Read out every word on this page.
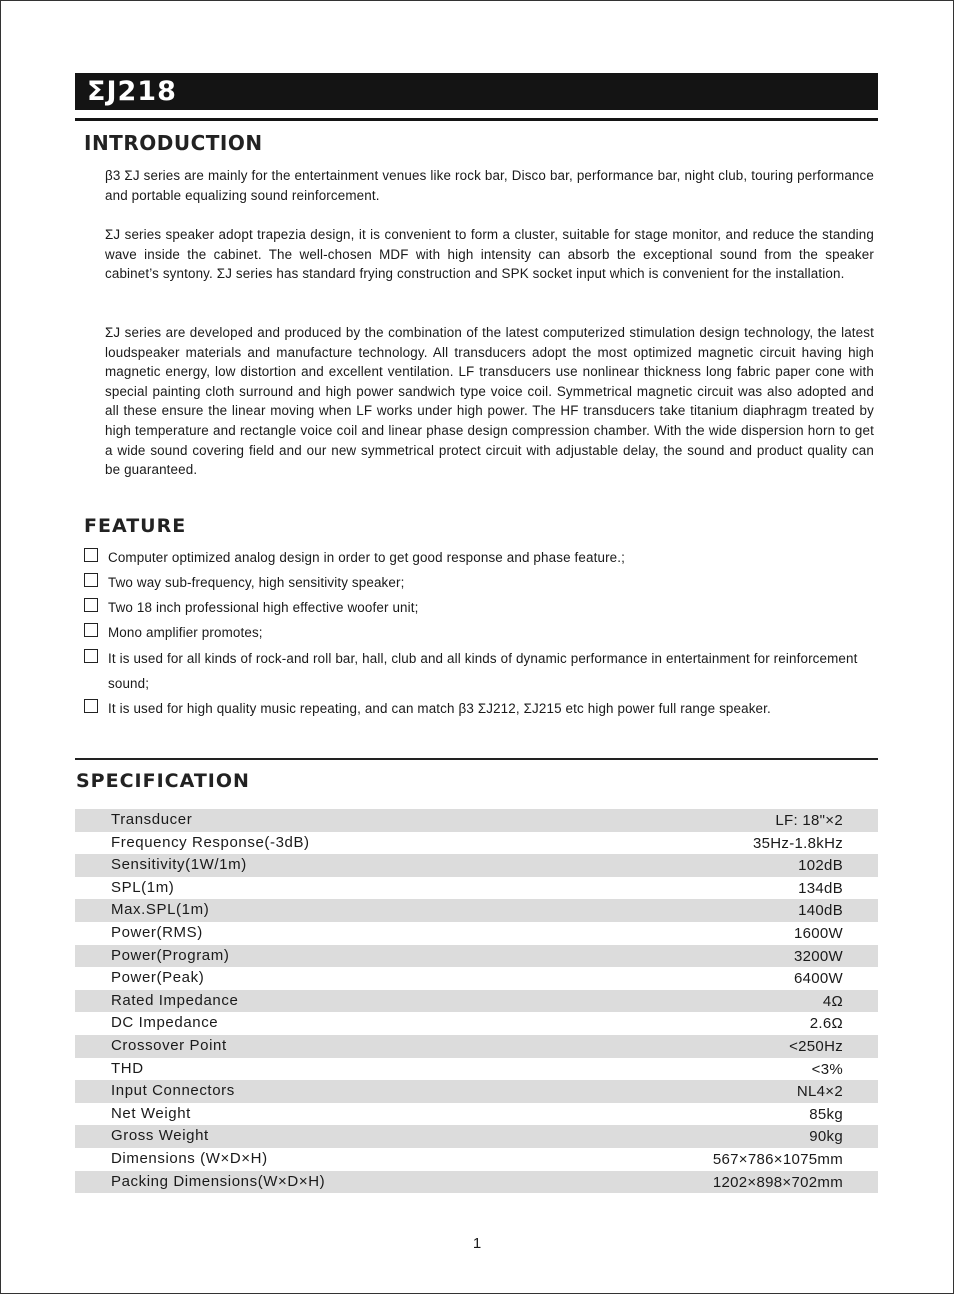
ΣJ218
INTRODUCTION
β3 ΣJ series are mainly for the entertainment venues like rock bar, Disco bar, performance bar, night club, touring performance and portable equalizing sound reinforcement.
ΣJ series speaker adopt trapezia design, it is convenient to form a cluster, suitable for stage monitor, and reduce the standing wave inside the cabinet. The well-chosen MDF with high intensity can absorb the exceptional sound from the speaker cabinet’s syntony. ΣJ series has standard frying construction and SPK socket input which is convenient for the installation.
ΣJ series are developed and produced by the combination of the latest computerized stimulation design technology, the latest loudspeaker materials and manufacture technology. All transducers adopt the most optimized magnetic circuit having high magnetic energy, low distortion and excellent ventilation. LF transducers use nonlinear thickness long fabric paper cone with special painting cloth surround and high power sandwich type voice coil. Symmetrical magnetic circuit was also adopted and all these ensure the linear moving when LF works under high power. The HF transducers take titanium diaphragm treated by high temperature and rectangle voice coil and linear phase design compression chamber. With the wide dispersion horn to get a wide sound covering field and our new symmetrical protect circuit with adjustable delay, the sound and product quality can be guaranteed.
FEATURE
Computer optimized analog design in order to get good response and phase feature.;
Two way sub-frequency, high sensitivity speaker;
Two 18 inch professional high effective woofer unit;
Mono amplifier promotes;
It is used for all kinds of rock-and roll bar, hall, club and all kinds of dynamic performance in entertainment for reinforcement sound;
It is used for high quality music repeating, and can match β3 ΣJ212, ΣJ215 etc high power full range speaker.
SPECIFICATION
Transducer	LF: 18"×2
Frequency Response(-3dB)	35Hz-1.8kHz
Sensitivity(1W/1m)	102dB
SPL(1m)	134dB
Max.SPL(1m)	140dB
Power(RMS)	1600W
Power(Program)	3200W
Power(Peak)	6400W
Rated Impedance	4Ω
DC Impedance	2.6Ω
Crossover Point	<250Hz
THD	<3%
Input Connectors	NL4×2
Net Weight	85kg
Gross Weight	90kg
Dimensions (W×D×H)	567×786×1075mm
Packing Dimensions(W×D×H)	1202×898×702mm
1
